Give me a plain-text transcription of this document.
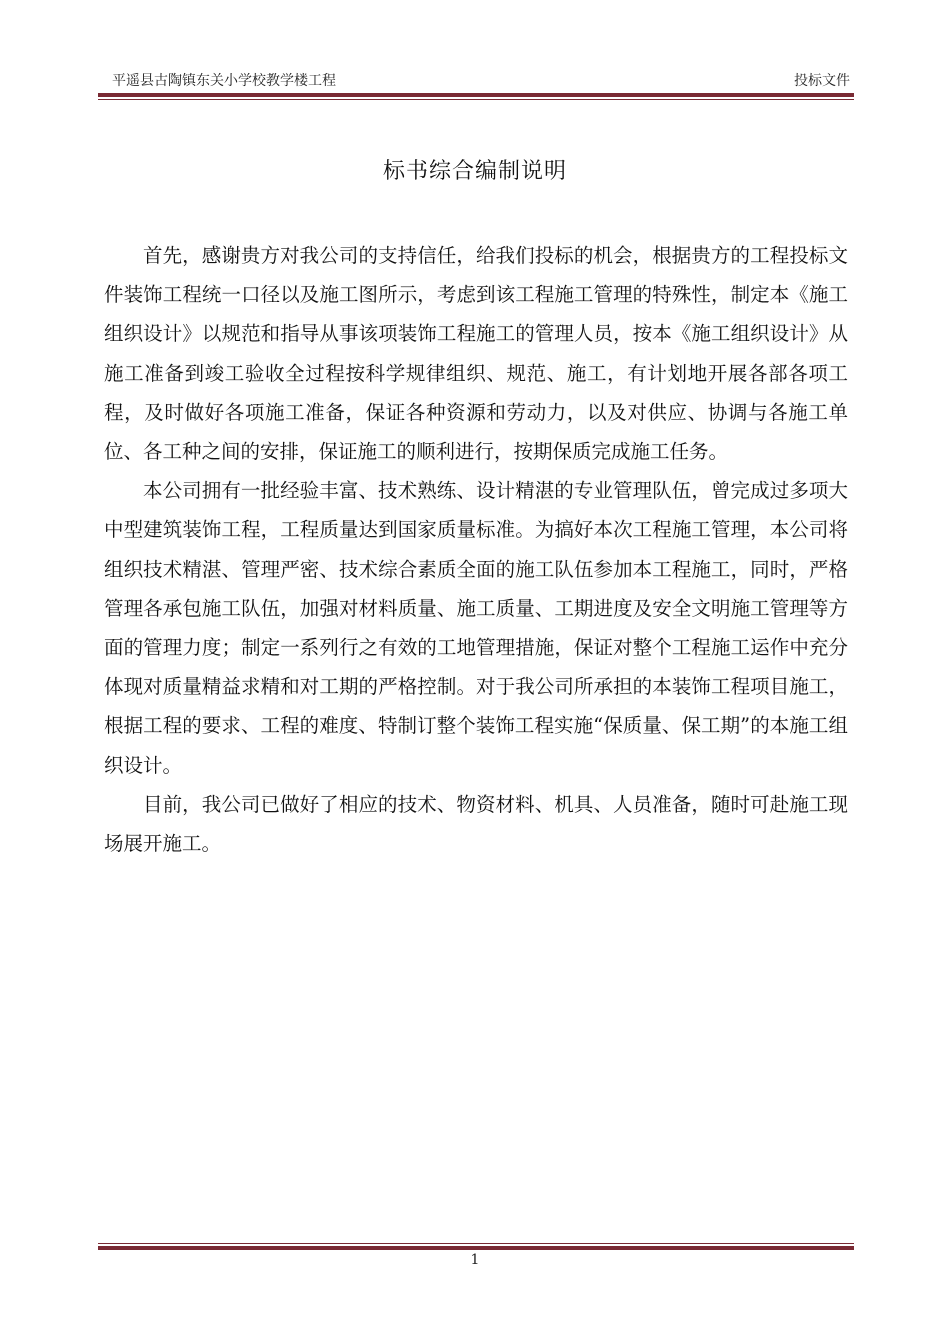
平遥县古陶镇东关小学校教学楼工程	投标文件
标书综合编制说明

首先，感谢贵方对我公司的支持信任，给我们投标的机会，根据贵方的工程投标文件装饰工程统一口径以及施工图所示，考虑到该工程施工管理的特殊性，制定本《施工组织设计》以规范和指导从事该项装饰工程施工的管理人员，按本《施工组织设计》从施工准备到竣工验收全过程按科学规律组织、规范、施工，有计划地开展各部各项工程，及时做好各项施工准备，保证各种资源和劳动力，以及对供应、协调与各施工单位、各工种之间的安排，保证施工的顺利进行，按期保质完成施工任务。

本公司拥有一批经验丰富、技术熟练、设计精湛的专业管理队伍，曾完成过多项大中型建筑装饰工程，工程质量达到国家质量标准。为搞好本次工程施工管理，本公司将组织技术精湛、管理严密、技术综合素质全面的施工队伍参加本工程施工，同时，严格管理各承包施工队伍，加强对材料质量、施工质量、工期进度及安全文明施工管理等方面的管理力度；制定一系列行之有效的工地管理措施，保证对整个工程施工运作中充分体现对质量精益求精和对工期的严格控制。对于我公司所承担的本装饰工程项目施工，根据工程的要求、工程的难度、特制订整个装饰工程实施“保质量、保工期”的本施工组织设计。

目前，我公司已做好了相应的技术、物资材料、机具、人员准备，随时可赴施工现场展开施工。

1
